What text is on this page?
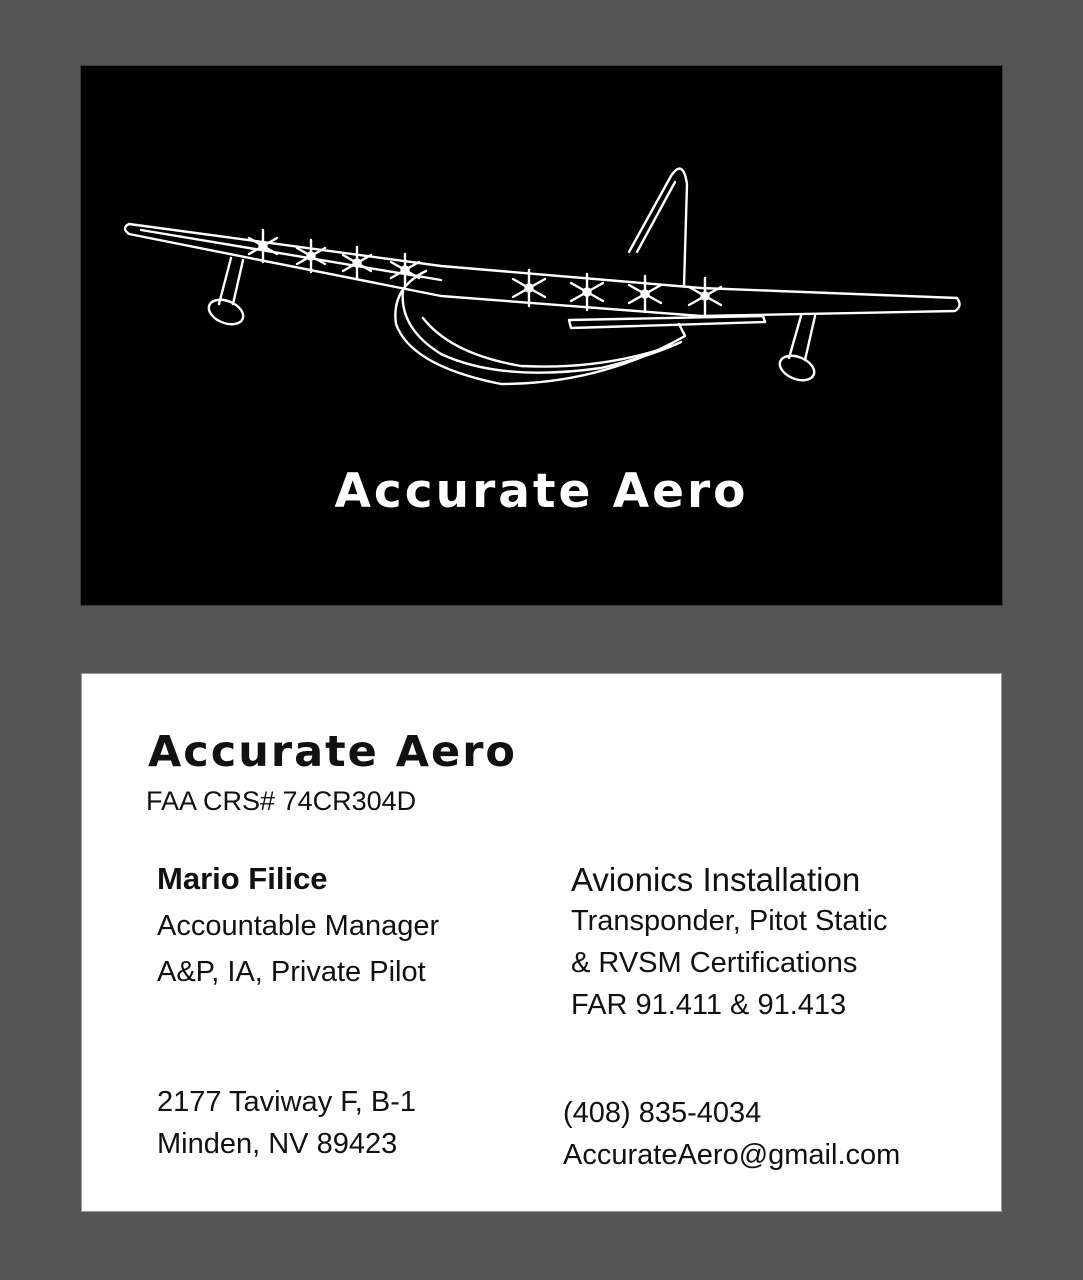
Accurate Aero
Accurate Aero
FAA CRS# 74CR304D
Mario Filice
Accountable Manager
A&P, IA, Private Pilot
2177 Taviway F, B-1
Minden, NV 89423
Avionics Installation
Transponder, Pitot Static
& RVSM Certifications
FAR 91.411 & 91.413
(408) 835-4034
AccurateAero@gmail.com
